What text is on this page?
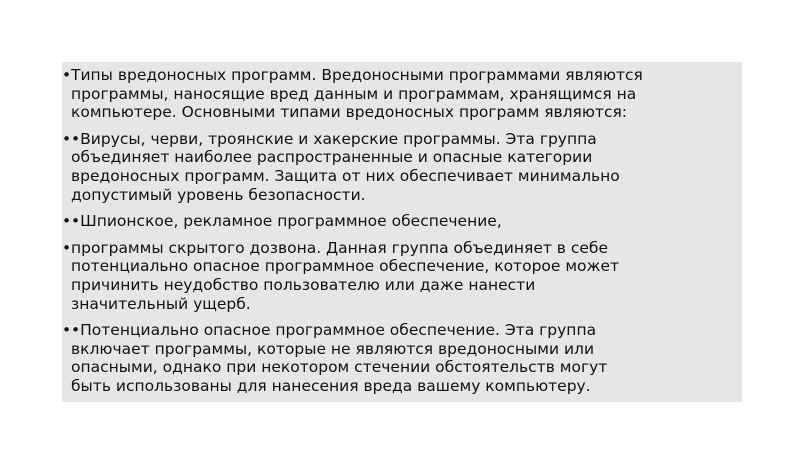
• Типы вредоносных программ. Вредоносными программами являются
программы, наносящие вред данным и программам, хранящимся на
компьютере. Основными типами вредоносных программ являются:
• •Вирусы, черви, троянские и хакерские программы. Эта группа
объединяет наиболее распространенные и опасные категории
вредоносных программ. Защита от них обеспечивает минимально
допустимый уровень безопасности.
• •Шпионское, рекламное программное обеспечение,
• программы скрытого дозвона. Данная группа объединяет в себе
потенциально опасное программное обеспечение, которое может
причинить неудобство пользователю или даже нанести
значительный ущерб.
• •Потенциально опасное программное обеспечение. Эта группа
включает программы, которые не являются вредоносными или
опасными, однако при некотором стечении обстоятельств могут
быть использованы для нанесения вреда вашему компьютеру.
